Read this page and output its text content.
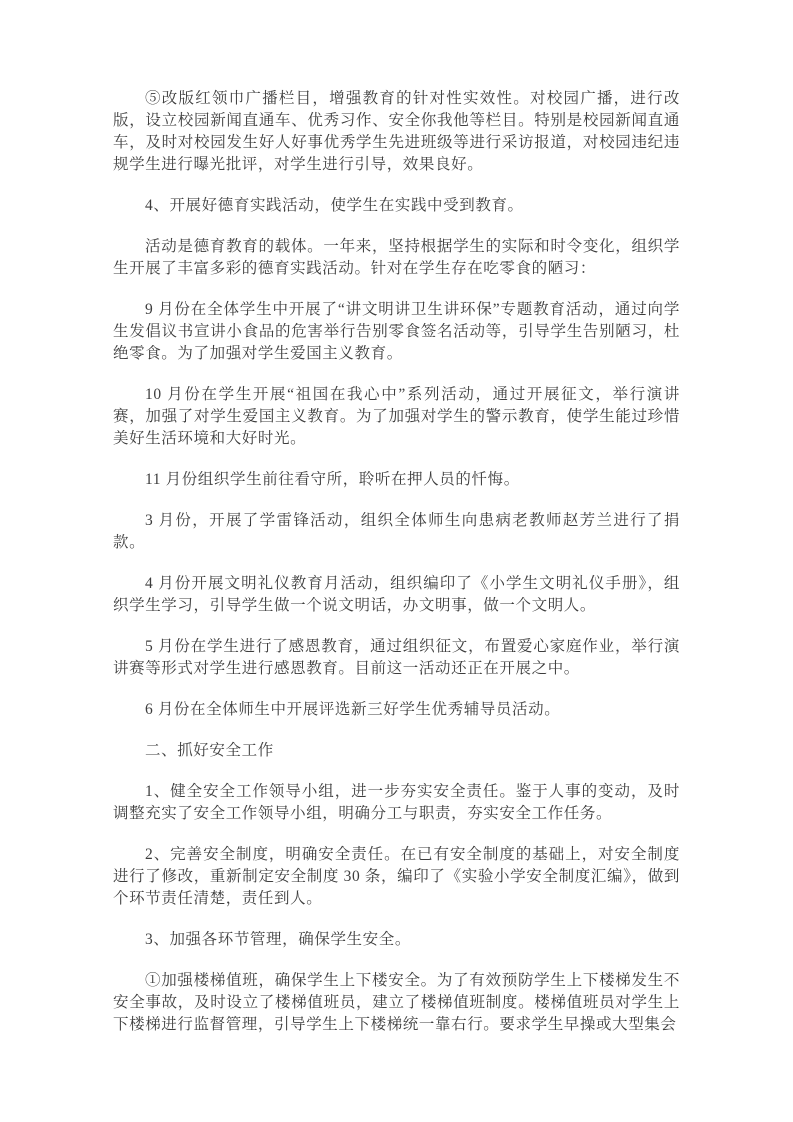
⑤改版红领巾广播栏目，增强教育的针对性实效性。对校园广播，进行改版，设立校园新闻直通车、优秀习作、安全你我他等栏目。特别是校园新闻直通车，及时对校园发生好人好事优秀学生先进班级等进行采访报道，对校园违纪违规学生进行曝光批评，对学生进行引导，效果良好。

4、开展好德育实践活动，使学生在实践中受到教育。

活动是德育教育的载体。一年来，坚持根据学生的实际和时令变化，组织学生开展了丰富多彩的德育实践活动。针对在学生存在吃零食的陋习：

9 月份在全体学生中开展了“讲文明讲卫生讲环保”专题教育活动，通过向学生发倡议书宣讲小食品的危害举行告别零食签名活动等，引导学生告别陋习，杜绝零食。为了加强对学生爱国主义教育。

10 月份在学生开展“祖国在我心中”系列活动，通过开展征文，举行演讲赛，加强了对学生爱国主义教育。为了加强对学生的警示教育，使学生能过珍惜美好生活环境和大好时光。

11 月份组织学生前往看守所，聆听在押人员的忏悔。

3 月份，开展了学雷锋活动，组织全体师生向患病老教师赵芳兰进行了捐款。

4 月份开展文明礼仪教育月活动，组织编印了《小学生文明礼仪手册》，组织学生学习，引导学生做一个说文明话，办文明事，做一个文明人。

5 月份在学生进行了感恩教育，通过组织征文，布置爱心家庭作业，举行演讲赛等形式对学生进行感恩教育。目前这一活动还正在开展之中。

6 月份在全体师生中开展评选新三好学生优秀辅导员活动。

二、抓好安全工作

1、健全安全工作领导小组，进一步夯实安全责任。鉴于人事的变动，及时调整充实了安全工作领导小组，明确分工与职责，夯实安全工作任务。

2、完善安全制度，明确安全责任。在已有安全制度的基础上，对安全制度进行了修改，重新制定安全制度 30 条，编印了《实验小学安全制度汇编》，做到个环节责任清楚，责任到人。

3、加强各环节管理，确保学生安全。

①加强楼梯值班，确保学生上下楼安全。为了有效预防学生上下楼梯发生不安全事故，及时设立了楼梯值班员，建立了楼梯值班制度。楼梯值班员对学生上下楼梯进行监督管理，引导学生上下楼梯统一靠右行。要求学生早操或大型集会
